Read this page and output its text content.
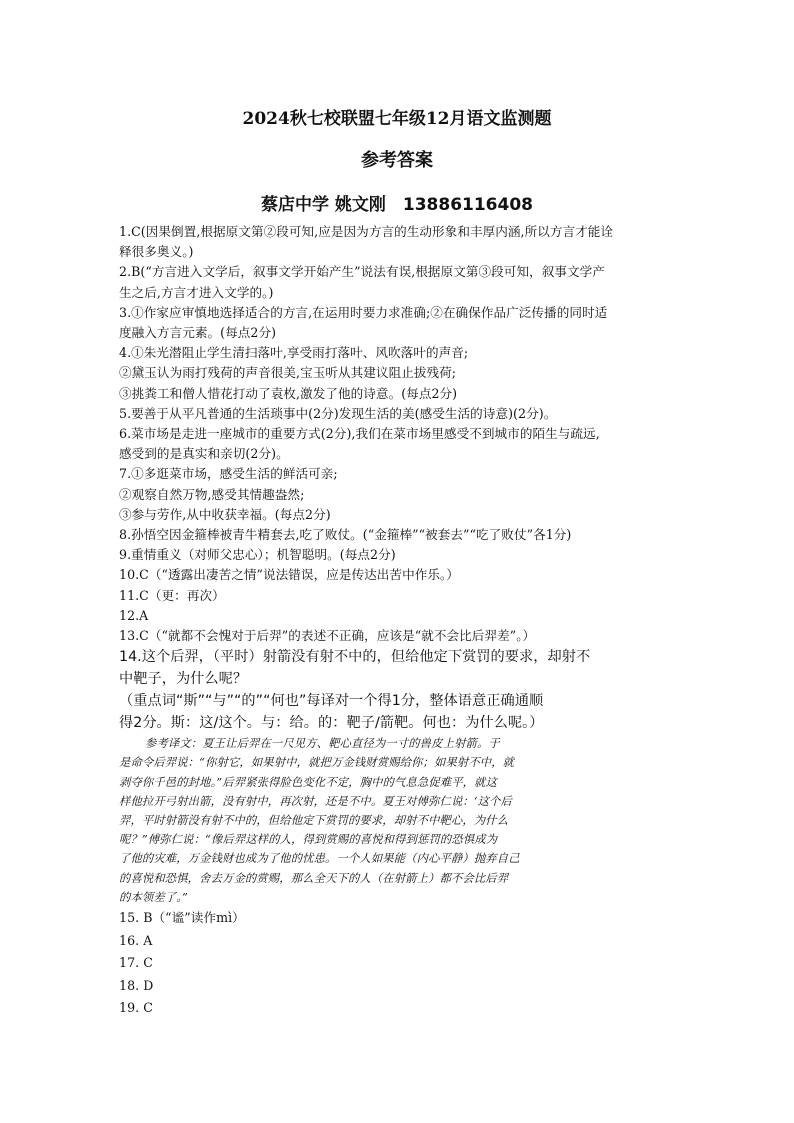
2024秋七校联盟七年级12月语文监测题
参考答案
蔡店中学 姚文刚　13886116408
1.C(因果倒置,根据原文第②段可知,应是因为方言的生动形象和丰厚内涵,所以方言才能诠
释很多奥义。)
2.B(“方言进入文学后，叙事文学开始产生”说法有误,根据原文第③段可知，叙事文学产
生之后,方言才进入文学的。)
3.①作家应审慎地选择适合的方言,在运用时要力求准确;②在确保作品广泛传播的同时适
度融入方言元素。(每点2分)
4.①朱光潜阻止学生清扫落叶,享受雨打落叶、风吹落叶的声音;
②黛玉认为雨打残荷的声音很美,宝玉听从其建议阻止拔残荷;
③挑粪工和僧人惜花打动了袁枚,激发了他的诗意。(每点2分)
5.要善于从平凡普通的生活琐事中(2分)发现生活的美(感受生活的诗意)(2分)。
6.菜市场是走进一座城市的重要方式(2分),我们在菜市场里感受不到城市的陌生与疏远,
感受到的是真实和亲切(2分)。
7.①多逛菜市场，感受生活的鲜活可亲;
②观察自然万物,感受其情趣盎然;
③参与劳作,从中收获幸福。(每点2分)
8.孙悟空因金箍棒被青牛精套去,吃了败仗。(“金箍棒”“被套去”“吃了败仗”各1分)
9.重情重义（对师父忠心）；机智聪明。(每点2分)
10.C（“透露出凄苦之情”说法错误，应是传达出苦中作乐。）
11.C（更：再次）
12.A
13.C（“就都不会愧对于后羿”的表述不正确，应该是“就不会比后羿差”。）
14.这个后羿，（平时）射箭没有射不中的，但给他定下赏罚的要求，却射不
中靶子，为什么呢？
（重点词“斯”“与”“的”“何也”每译对一个得1分，整体语意正确通顺
得2分。斯：这/这个。与：给。的：靶子/箭靶。何也：为什么呢。）
参考译文：夏王让后羿在一尺见方、靶心直径为一寸的兽皮上射箭。于
是命令后羿说：“你射它，如果射中，就把万金钱财赏赐给你；如果射不中，就
剥夺你千邑的封地。”后羿紧张得脸色变化不定，胸中的气息急促难平，就这
样他拉开弓射出箭，没有射中，再次射，还是不中。夏王对傅弥仁说：‘这个后
羿，平时射箭没有射不中的，但给他定下赏罚的要求，却射不中靶心，为什么
呢？”傅弥仁说：“像后羿这样的人，得到赏赐的喜悦和得到惩罚的恐惧成为
了他的灾难，万金钱财也成为了他的忧患。一个人如果能（内心平静）抛弃自己
的喜悦和恐惧，舍去万金的赏赐，那么全天下的人（在射箭上）都不会比后羿
的本领差了。”
15. B（“谧”读作mì）
16. A
17. C
18. D
19. C
